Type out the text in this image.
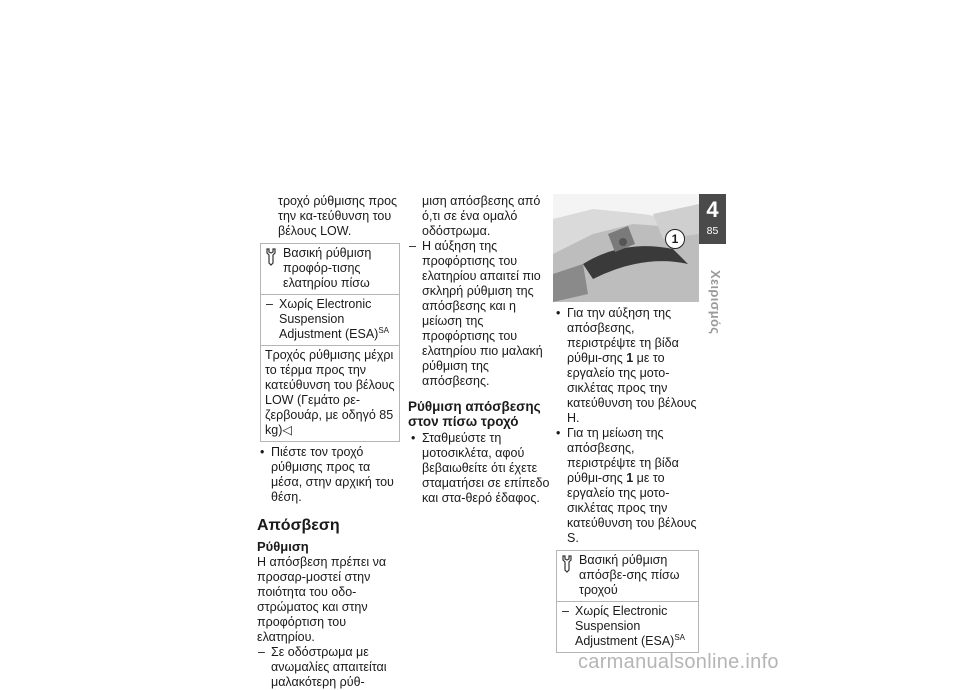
τροχό ρύθμισης προς την κα-τεύθυνση του βέλους LOW.

Βασική ρύθμιση προφόρ-τισης ελατηρίου πίσω
– Χωρίς Electronic Suspension Adjustment (ESA)$^{SA}$
Τροχός ρύθμισης μέχρι το τέρμα προς την κατεύθυνση του βέλους LOW (Γεμάτο ρε-ζερβουάρ, με οδηγό 85 kg)◁

• Πιέστε τον τροχό ρύθμισης προς τα μέσα, στην αρχική του θέση.

Απόσβεση
Ρύθμιση

Η απόσβεση πρέπει να προσαρ-μοστεί στην ποιότητα του οδο-στρώματος και στην προφόρτιση του ελατηρίου.

– Σε οδόστρωμα με ανωμαλίες απαιτείται μαλακότερη ρύθ-

μιση απόσβεσης από ό,τι σε ένα ομαλό οδόστρωμα.

– Η αύξηση της προφόρτισης του ελατηρίου απαιτεί πιο σκληρή ρύθμιση της απόσβεσης και η μείωση της προφόρτισης του ελατηρίου πιο μαλακή ρύθμιση της απόσβεσης.

Ρύθμιση απόσβεσης στον πίσω τροχό

• Σταθμεύστε τη μοτοσικλέτα, αφού βεβαιωθείτε ότι έχετε σταματήσει σε επίπεδο και στα-θερό έδαφος.

1

• Για την αύξηση της απόσβεσης, περιστρέψτε τη βίδα ρύθμι-σης 1 με το εργαλείο της μοτο-σικλέτας προς την κατεύθυνση του βέλους H.

• Για τη μείωση της απόσβεσης, περιστρέψτε τη βίδα ρύθμι-σης 1 με το εργαλείο της μοτο-σικλέτας προς την κατεύθυνση του βέλους S.

Βασική ρύθμιση απόσβε-σης πίσω τροχού
– Χωρίς Electronic Suspension Adjustment (ESA)$^{SA}$
4
85
Χειρισμός
carmanualsonline.info
